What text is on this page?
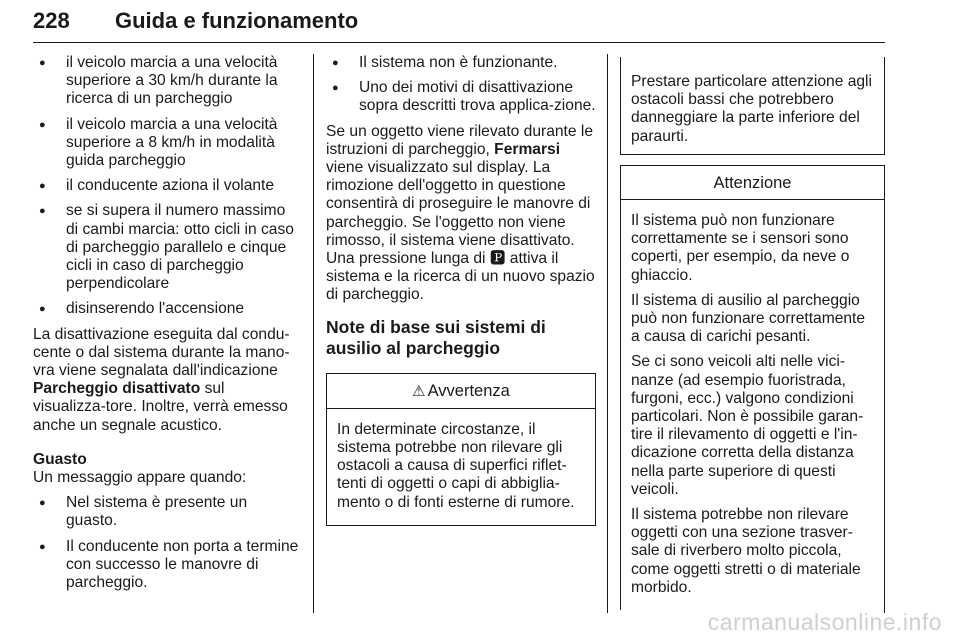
228 Guida e funzionamento
● il veicolo marcia a una velocità superiore a 30 km/h durante la ricerca di un parcheggio
● il veicolo marcia a una velocità superiore a 8 km/h in modalità guida parcheggio
● il conducente aziona il volante
● se si supera il numero massimo di cambi marcia: otto cicli in caso di parcheggio parallelo e cinque cicli in caso di parcheggio perpendicolare
● disinserendo l'accensione

La disattivazione eseguita dal condu‐cente o dal sistema durante la mano‐vra viene segnalata dall'indicazione Parcheggio disattivato sul visualizza‐tore. Inoltre, verrà emesso anche un segnale acustico.

Guasto

Un messaggio appare quando:

● Nel sistema è presente un guasto.
● Il conducente non porta a termine con successo le manovre di parcheggio.
● Il sistema non è funzionante.
● Uno dei motivi di disattivazione sopra descritti trova applica‐zione.

Se un oggetto viene rilevato durante le istruzioni di parcheggio, Fermarsi viene visualizzato sul display. La rimozione dell'oggetto in questione consentirà di proseguire le manovre di parcheggio. Se l'oggetto non viene rimosso, il sistema viene disattivato. Una pressione lunga di 🅿 attiva il sistema e la ricerca di un nuovo spazio di parcheggio.

Note di base sui sistemi di ausilio al parcheggio
⚠ Avvertenza

In determinate circostanze, il sistema potrebbe non rilevare gli ostacoli a causa di superfici riflet‐tenti di oggetti o capi di abbiglia‐mento o di fonti esterne di rumore.

Prestare particolare attenzione agli ostacoli bassi che potrebbero danneggiare la parte inferiore del paraurti.

Attenzione

Il sistema può non funzionare correttamente se i sensori sono coperti, per esempio, da neve o ghiaccio.

Il sistema di ausilio al parcheggio può non funzionare correttamente a causa di carichi pesanti.

Se ci sono veicoli alti nelle vici‐nanze (ad esempio fuoristrada, furgoni, ecc.) valgono condizioni particolari. Non è possibile garan‐tire il rilevamento di oggetti e l'in‐dicazione corretta della distanza nella parte superiore di questi veicoli.

Il sistema potrebbe non rilevare oggetti con una sezione trasver‐sale di riverbero molto piccola, come oggetti stretti o di materiale morbido.

carmanualsonline.info
